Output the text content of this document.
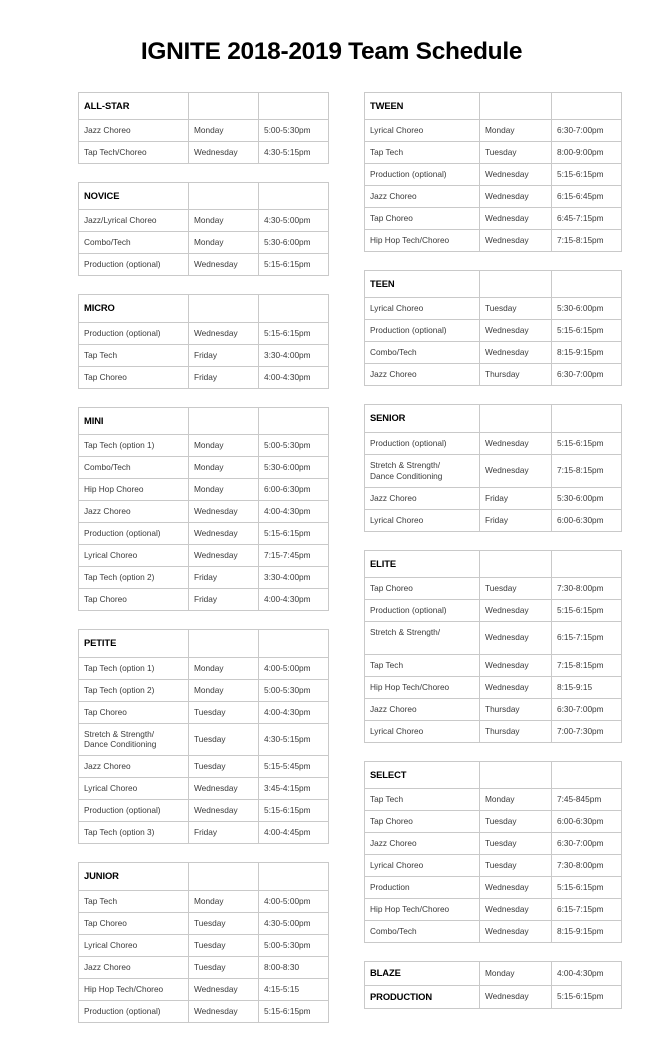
IGNITE 2018-2019 Team Schedule
ALL-STAR		
Jazz Choreo	Monday	5:00-5:30pm
Tap Tech/Choreo	Wednesday	4:30-5:15pm
NOVICE		
Jazz/Lyrical Choreo	Monday	4:30-5:00pm
Combo/Tech	Monday	5:30-6:00pm
Production (optional)	Wednesday	5:15-6:15pm
MICRO		
Production (optional)	Wednesday	5:15-6:15pm
Tap Tech	Friday	3:30-4:00pm
Tap Choreo	Friday	4:00-4:30pm
MINI		
Tap Tech (option 1)	Monday	5:00-5:30pm
Combo/Tech	Monday	5:30-6:00pm
Hip Hop Choreo	Monday	6:00-6:30pm
Jazz Choreo	Wednesday	4:00-4:30pm
Production (optional)	Wednesday	5:15-6:15pm
Lyrical Choreo	Wednesday	7:15-7:45pm
Tap Tech (option 2)	Friday	3:30-4:00pm
Tap Choreo	Friday	4:00-4:30pm
PETITE		
Tap Tech (option 1)	Monday	4:00-5:00pm
Tap Tech (option 2)	Monday	5:00-5:30pm
Tap Choreo	Tuesday	4:00-4:30pm
Stretch & Strength/
Dance Conditioning	Tuesday	4:30-5:15pm
Jazz Choreo	Tuesday	5:15-5:45pm
Lyrical Choreo	Wednesday	3:45-4:15pm
Production (optional)	Wednesday	5:15-6:15pm
Tap Tech (option 3)	Friday	4:00-4:45pm
JUNIOR		
Tap Tech	Monday	4:00-5:00pm
Tap Choreo	Tuesday	4:30-5:00pm
Lyrical Choreo	Tuesday	5:00-5:30pm
Jazz Choreo	Tuesday	8:00-8:30
Hip Hop Tech/Choreo	Wednesday	4:15-5:15
Production (optional)	Wednesday	5:15-6:15pm
TWEEN		
Lyrical Choreo	Monday	6:30-7:00pm
Tap Tech	Tuesday	8:00-9:00pm
Production (optional)	Wednesday	5:15-6:15pm
Jazz Choreo	Wednesday	6:15-6:45pm
Tap Choreo	Wednesday	6:45-7:15pm
Hip Hop Tech/Choreo	Wednesday	7:15-8:15pm
TEEN		
Lyrical Choreo	Tuesday	5:30-6:00pm
Production (optional)	Wednesday	5:15-6:15pm
Combo/Tech	Wednesday	8:15-9:15pm
Jazz Choreo	Thursday	6:30-7:00pm
SENIOR		
Production (optional)	Wednesday	5:15-6:15pm
Stretch & Strength/
Dance Conditioning	Wednesday	7:15-8:15pm
Jazz Choreo	Friday	5:30-6:00pm
Lyrical Choreo	Friday	6:00-6:30pm
ELITE		
Tap Choreo	Tuesday	7:30-8:00pm
Production (optional)	Wednesday	5:15-6:15pm
Stretch & Strength/	Wednesday	6:15-7:15pm
Tap Tech	Wednesday	7:15-8:15pm
Hip Hop Tech/Choreo	Wednesday	8:15-9:15
Jazz Choreo	Thursday	6:30-7:00pm
Lyrical Choreo	Thursday	7:00-7:30pm
SELECT		
Tap Tech	Monday	7:45-845pm
Tap Choreo	Tuesday	6:00-6:30pm
Jazz Choreo	Tuesday	6:30-7:00pm
Lyrical Choreo	Tuesday	7:30-8:00pm
Production	Wednesday	5:15-6:15pm
Hip Hop Tech/Choreo	Wednesday	6:15-7:15pm
Combo/Tech	Wednesday	8:15-9:15pm
BLAZE	Monday	4:00-4:30pm
PRODUCTION	Wednesday	5:15-6:15pm
